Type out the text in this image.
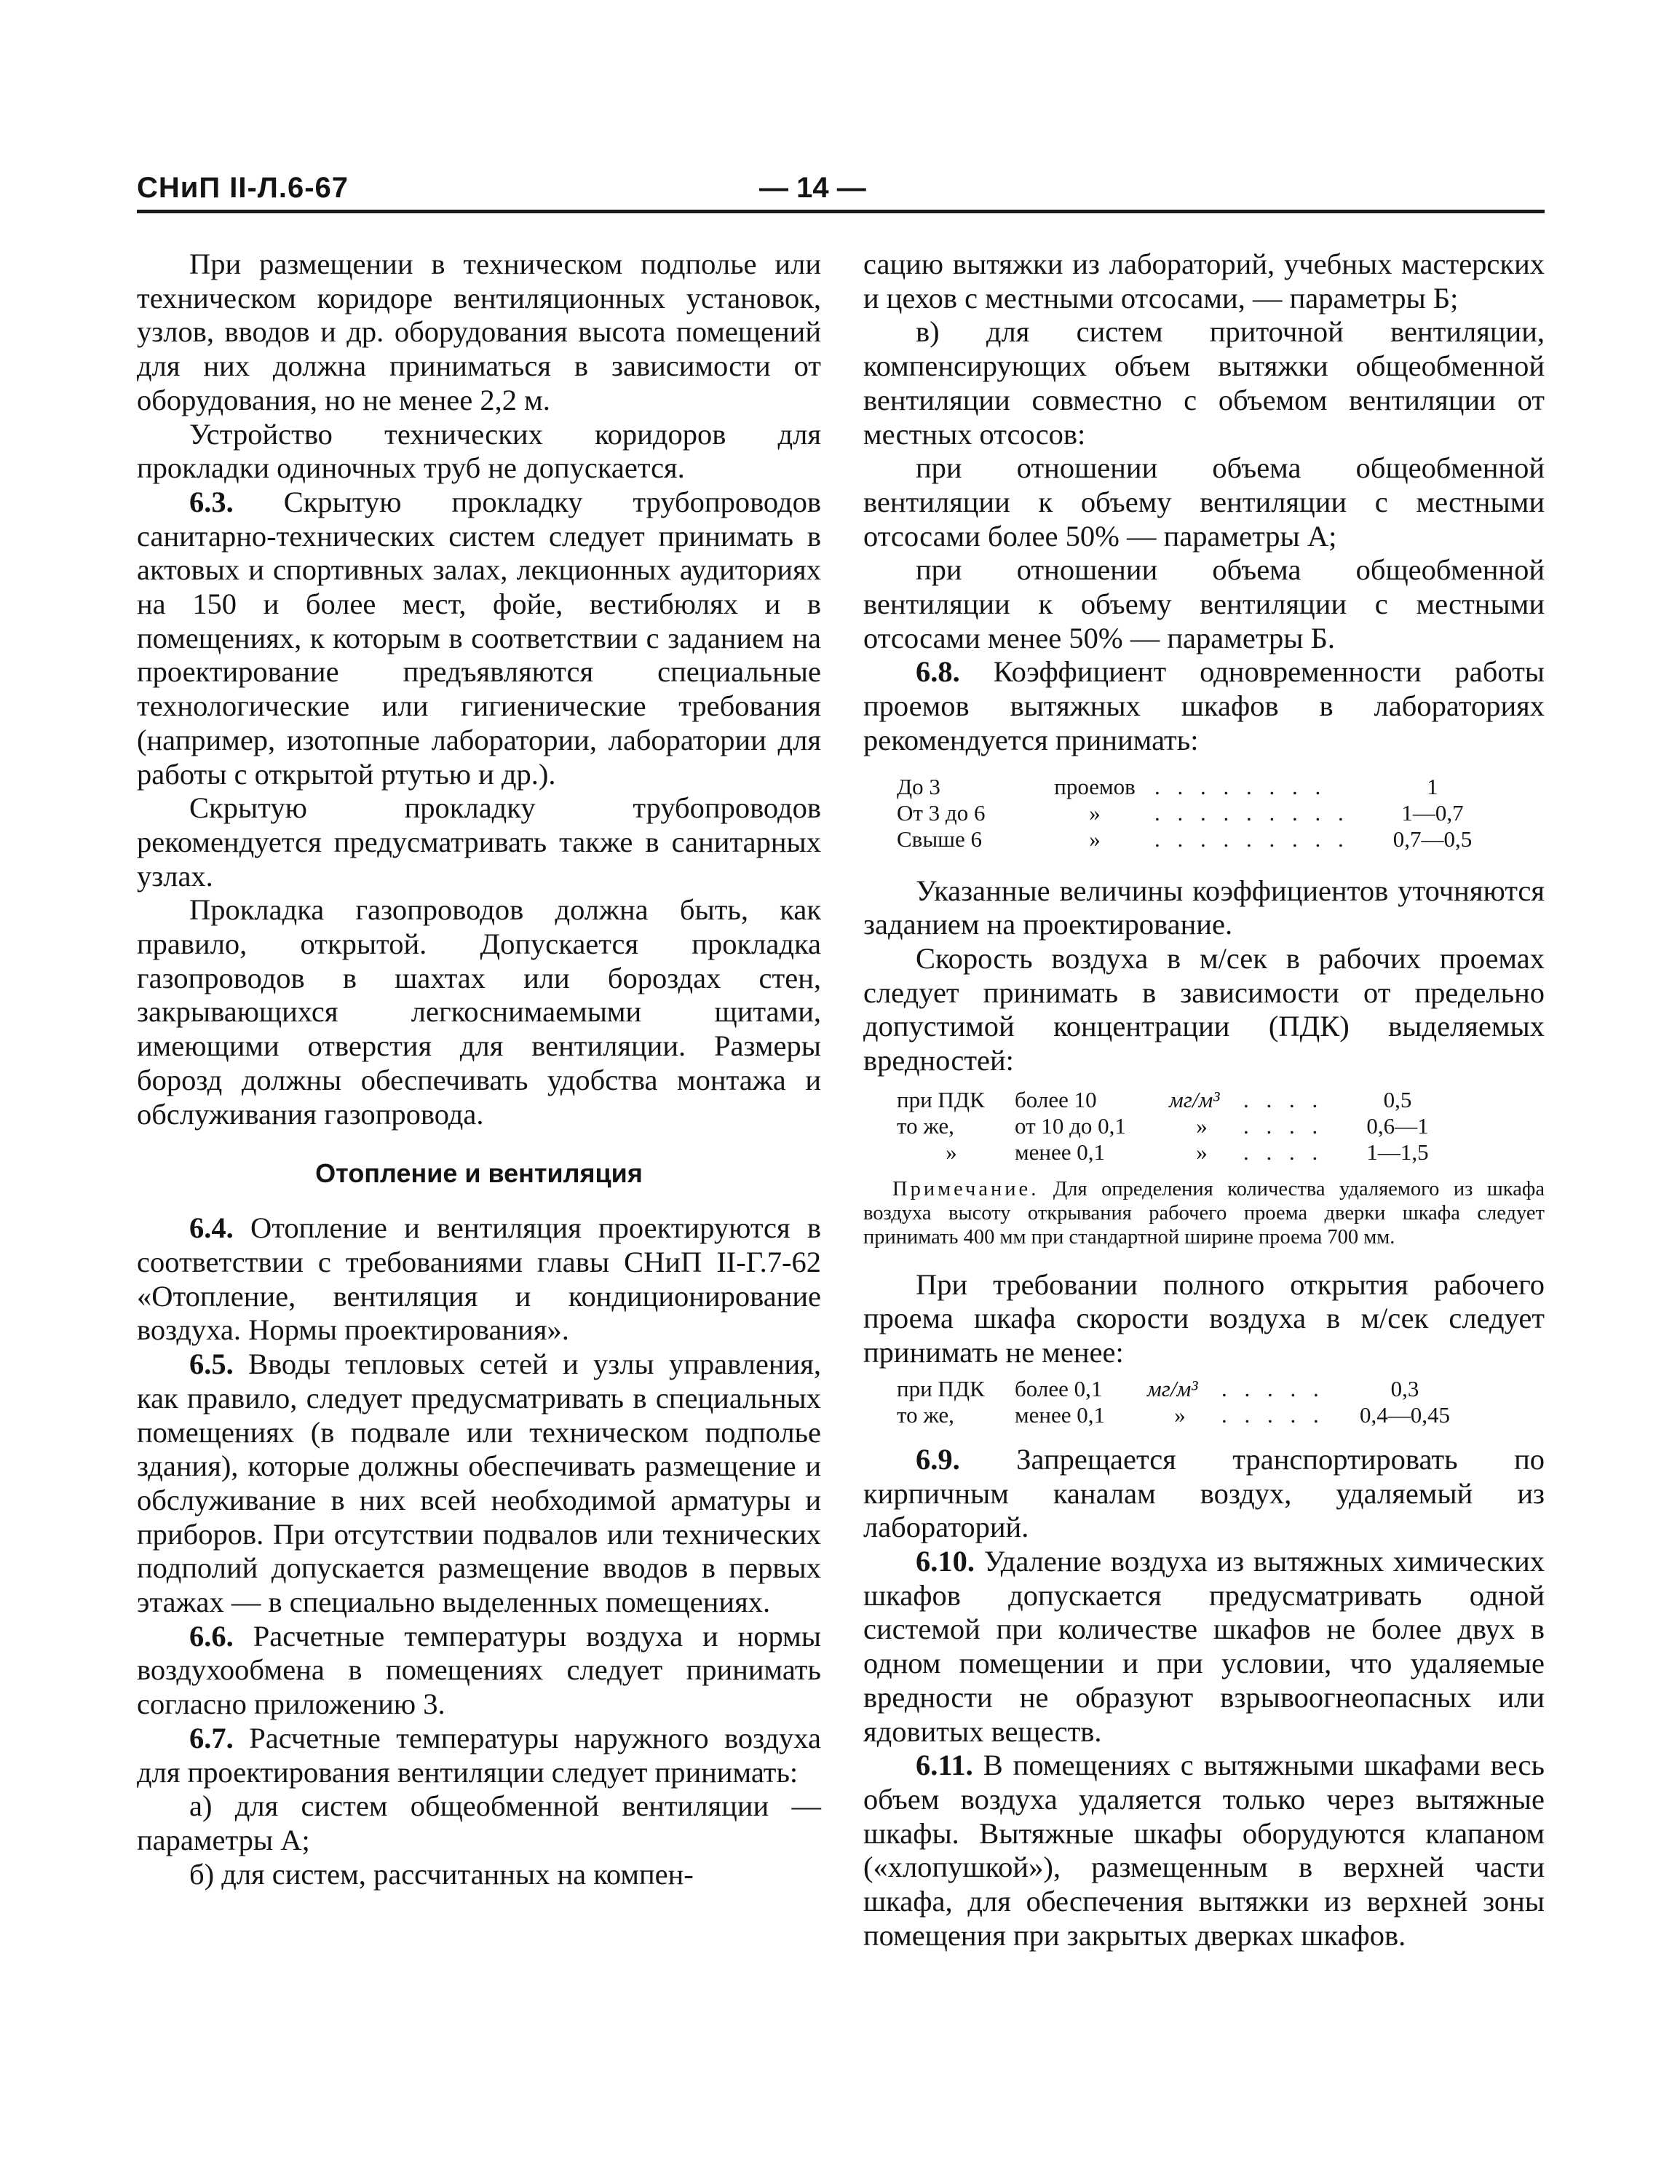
СНиП II-Л.6-67	— 14 —

При размещении в техническом подполье или техническом коридоре вентиляционных установок, узлов, вводов и др. оборудования высота помещений для них должна приниматься в зависимости от оборудования, но не менее 2,2 м.

Устройство технических коридоров для прокладки одиночных труб не допускается.

6.3. Скрытую прокладку трубопроводов санитарно-технических систем следует принимать в актовых и спортивных залах, лекционных аудиториях на 150 и более мест, фойе, вестибюлях и в помещениях, к которым в соответствии с заданием на проектирование предъявляются специальные технологические или гигиенические требования (например, изотопные лаборатории, лаборатории для работы с открытой ртутью и др.).

Скрытую прокладку трубопроводов рекомендуется предусматривать также в санитарных узлах.

Прокладка газопроводов должна быть, как правило, открытой. Допускается прокладка газопроводов в шахтах или бороздах стен, закрывающихся легкоснимаемыми щитами, имеющими отверстия для вентиляции. Размеры борозд должны обеспечивать удобства монтажа и обслуживания газопровода.

Отопление и вентиляция

6.4. Отопление и вентиляция проектируются в соответствии с требованиями главы СНиП II-Г.7-62 «Отопление, вентиляция и кондиционирование воздуха. Нормы проектирования».

6.5. Вводы тепловых сетей и узлы управления, как правило, следует предусматривать в специальных помещениях (в подвале или техническом подполье здания), которые должны обеспечивать размещение и обслуживание в них всей необходимой арматуры и приборов. При отсутствии подвалов или технических подполий допускается размещение вводов в первых этажах — в специально выделенных помещениях.

6.6. Расчетные температуры воздуха и нормы воздухообмена в помещениях следует принимать согласно приложению 3.

6.7. Расчетные температуры наружного воздуха для проектирования вентиляции следует принимать:

а) для систем общеобменной вентиляции — параметры А;

б) для систем, рассчитанных на компен-

сацию вытяжки из лабораторий, учебных мастерских и цехов с местными отсосами, — параметры Б;

в) для систем приточной вентиляции, компенсирующих объем вытяжки общеобменной вентиляции совместно с объемом вентиляции от местных отсосов:

при отношении объема общеобменной вентиляции к объему вентиляции с местными отсосами более 50% — параметры А;

при отношении объема общеобменной вентиляции к объему вентиляции с местными отсосами менее 50% — параметры Б.

6.8. Коэффициент одновременности работы проемов вытяжных шкафов в лабораториях рекомендуется принимать:

До 3	проемов	. . . . . . . .	1
От 3 до 6	»	. . . . . . . . .	1—0,7
Свыше 6	»	. . . . . . . . .	0,7—0,5

Указанные величины коэффициентов уточняются заданием на проектирование.

Скорость воздуха в м/сек в рабочих проемах следует принимать в зависимости от предельно допустимой концентрации (ПДК) выделяемых вредностей:

при ПДК	более 10	мг/м³	. . . .	0,5
то же,	от 10 до 0,1	»	. . . .	0,6—1
»	менее 0,1	»	. . . .	1—1,5

Примечание. Для определения количества удаляемого из шкафа воздуха высоту открывания рабочего проема дверки шкафа следует принимать 400 мм при стандартной ширине проема 700 мм.

При требовании полного открытия рабочего проема шкафа скорости воздуха в м/сек следует принимать не менее:

при ПДК	более 0,1	мг/м³	. . . . .	0,3
то же,	менее 0,1	»	. . . . .	0,4—0,45

6.9. Запрещается транспортировать по кирпичным каналам воздух, удаляемый из лабораторий.

6.10. Удаление воздуха из вытяжных химических шкафов допускается предусматривать одной системой при количестве шкафов не более двух в одном помещении и при условии, что удаляемые вредности не образуют взрывоогнеопасных или ядовитых веществ.

6.11. В помещениях с вытяжными шкафами весь объем воздуха удаляется только через вытяжные шкафы. Вытяжные шкафы оборудуются клапаном («хлопушкой»), размещенным в верхней части шкафа, для обеспечения вытяжки из верхней зоны помещения при закрытых дверках шкафов.
